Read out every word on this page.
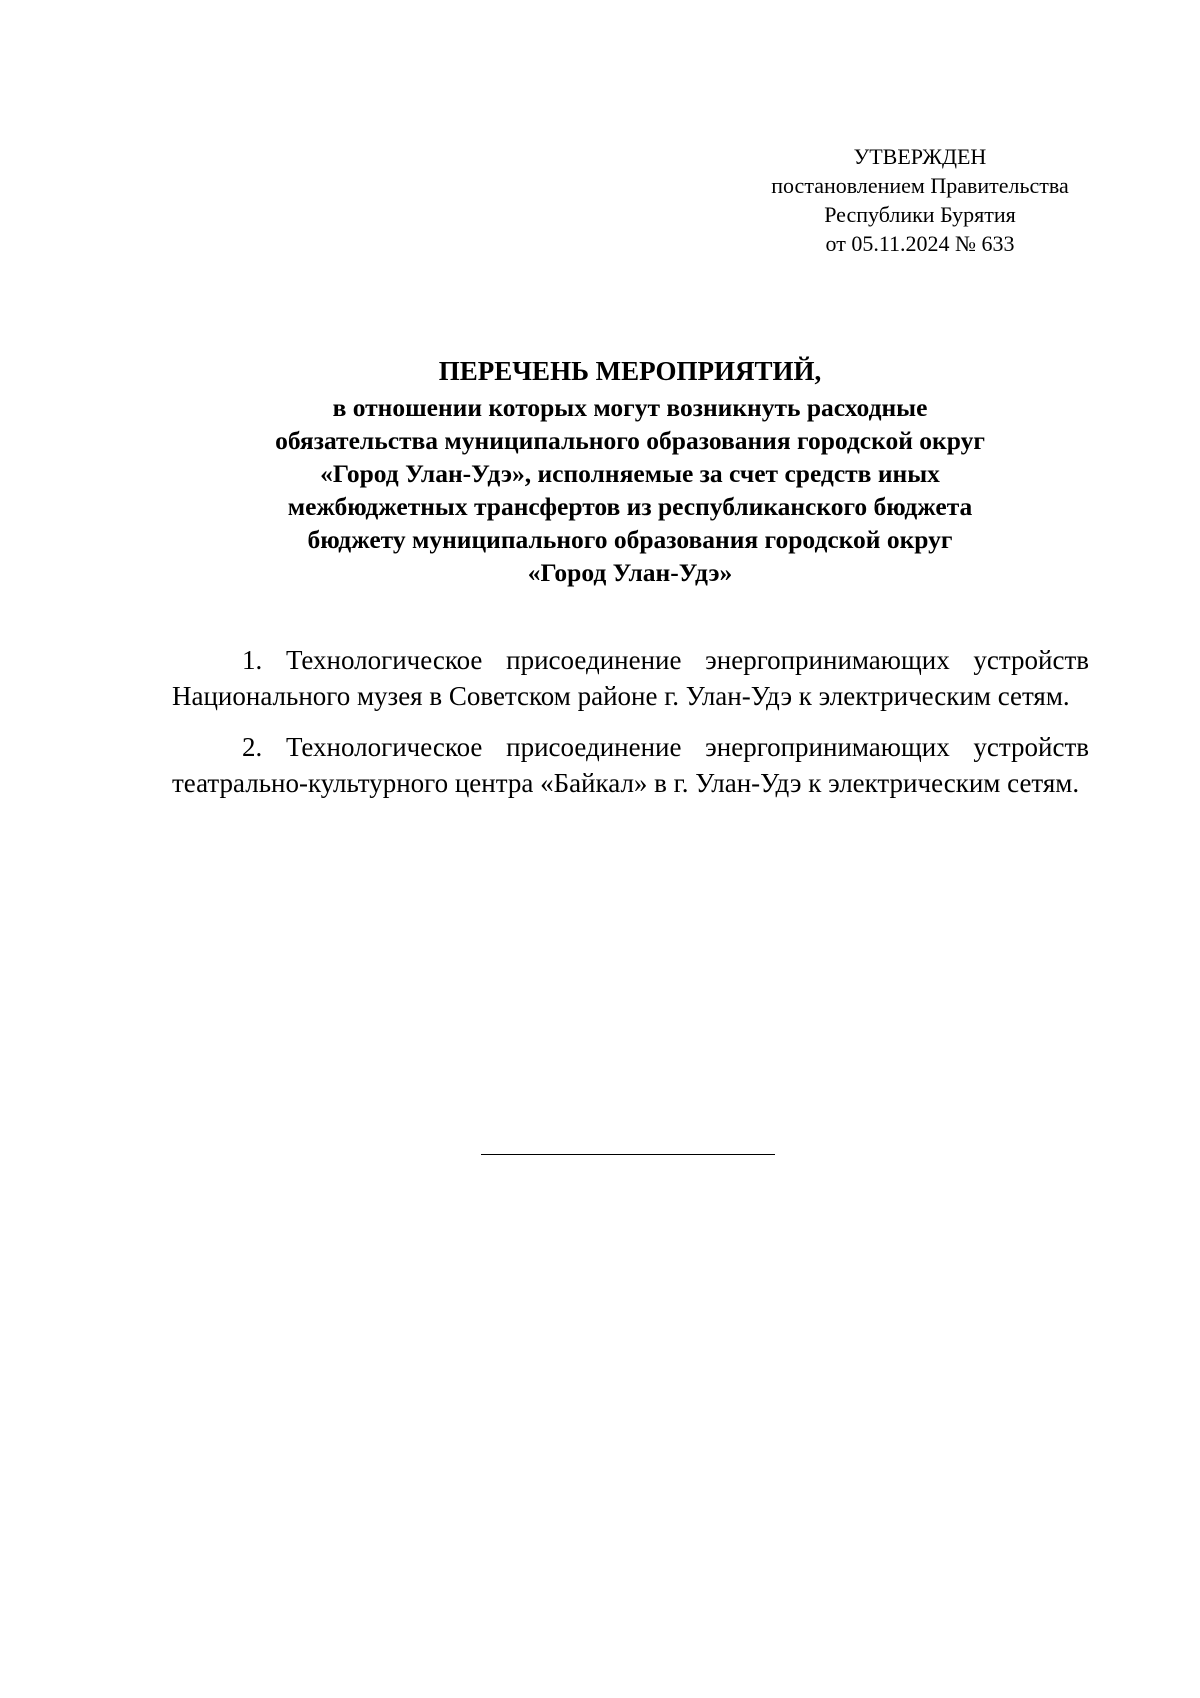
УТВЕРЖДЕН
постановлением Правительства
Республики Бурятия
от 05.11.2024 № 633
ПЕРЕЧЕНЬ МЕРОПРИЯТИЙ,
в отношении которых могут возникнуть расходные
обязательства муниципального образования городской округ
«Город Улан-Удэ», исполняемые за счет средств иных
межбюджетных трансфертов из республиканского бюджета
бюджету муниципального образования городской округ
«Город Улан-Удэ»

1. Технологическое присоединение энергопринимающих устройств Национального музея в Советском районе г. Улан-Удэ к электрическим сетям.

2. Технологическое присоединение энергопринимающих устройств театрально-культурного центра «Байкал» в г. Улан-Удэ к электрическим сетям.
